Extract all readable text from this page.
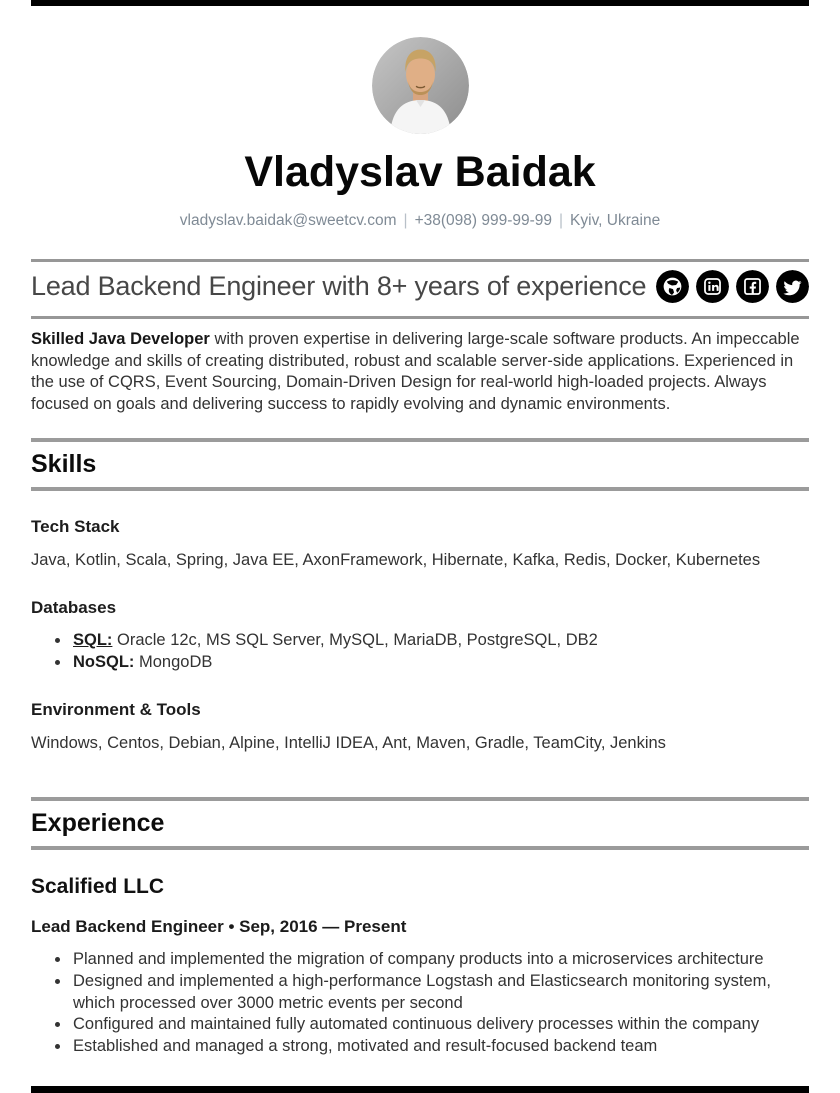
Vladyslav Baidak
vladyslav.baidak@sweetcv.com | +38(098) 999-99-99 | Kyiv, Ukraine
Lead Backend Engineer with 8+ years of experience

Skilled Java Developer with proven expertise in delivering large-scale software products. An impeccable knowledge and skills of creating distributed, robust and scalable server-side applications. Experienced in the use of CQRS, Event Sourcing, Domain-Driven Design for real-world high-loaded projects. Always focused on goals and delivering success to rapidly evolving and dynamic environments.

Skills
Tech Stack
Java, Kotlin, Scala, Spring, Java EE, AxonFramework, Hibernate, Kafka, Redis, Docker, Kubernetes
Databases
• SQL: Oracle 12c, MS SQL Server, MySQL, MariaDB, PostgreSQL, DB2
• NoSQL: MongoDB
Environment & Tools
Windows, Centos, Debian, Alpine, IntelliJ IDEA, Ant, Maven, Gradle, TeamCity, Jenkins
Experience
Scalified LLC
Lead Backend Engineer • Sep, 2016 — Present
• Planned and implemented the migration of company products into a microservices architecture
• Designed and implemented a high-performance Logstash and Elasticsearch monitoring system, which processed over 3000 metric events per second
• Configured and maintained fully automated continuous delivery processes within the company
• Established and managed a strong, motivated and result-focused backend team
